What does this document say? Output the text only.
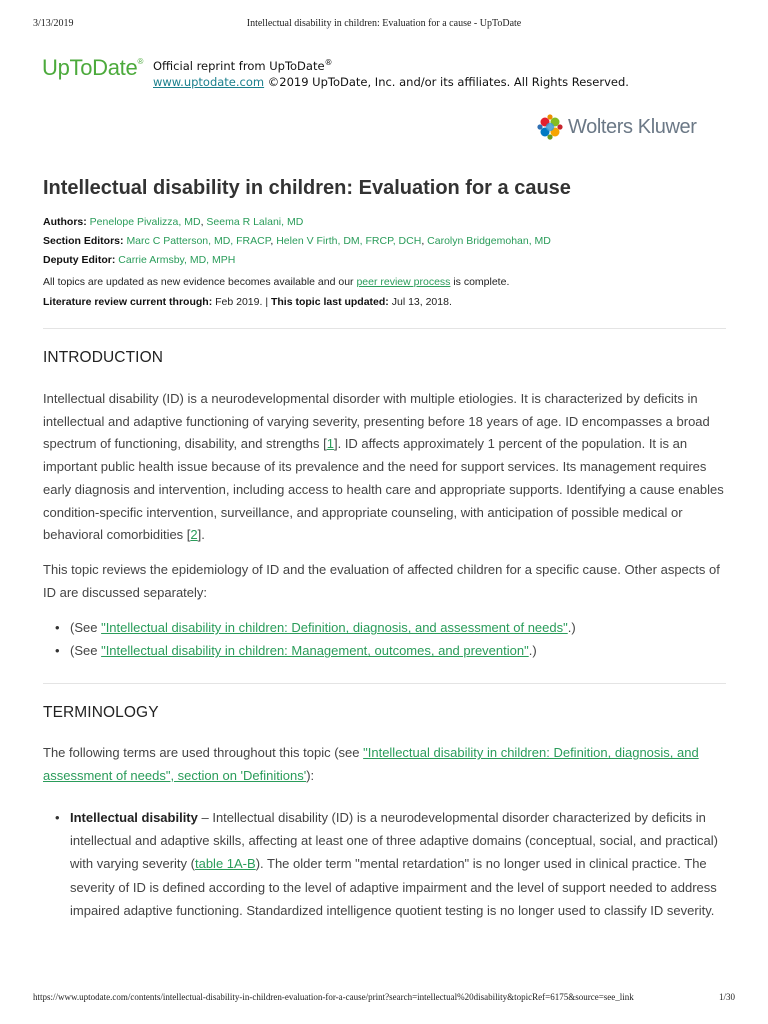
3/13/2019	Intellectual disability in children: Evaluation for a cause - UpToDate
UpToDate® Official reprint from UpToDate®
www.uptodate.com ©2019 UpToDate, Inc. and/or its affiliates. All Rights Reserved.
Wolters Kluwer
Intellectual disability in children: Evaluation for a cause
Authors: Penelope Pivalizza, MD, Seema R Lalani, MD
Section Editors: Marc C Patterson, MD, FRACP, Helen V Firth, DM, FRCP, DCH, Carolyn Bridgemohan, MD
Deputy Editor: Carrie Armsby, MD, MPH
All topics are updated as new evidence becomes available and our peer review process is complete.
Literature review current through: Feb 2019. | This topic last updated: Jul 13, 2018.
INTRODUCTION

Intellectual disability (ID) is a neurodevelopmental disorder with multiple etiologies. It is characterized by deficits in intellectual and adaptive functioning of varying severity, presenting before 18 years of age. ID encompasses a broad spectrum of functioning, disability, and strengths [1]. ID affects approximately 1 percent of the population. It is an important public health issue because of its prevalence and the need for support services. Its management requires early diagnosis and intervention, including access to health care and appropriate supports. Identifying a cause enables condition-specific intervention, surveillance, and appropriate counseling, with anticipation of possible medical or behavioral comorbidities [2].

This topic reviews the epidemiology of ID and the evaluation of affected children for a specific cause. Other aspects of ID are discussed separately:

• (See "Intellectual disability in children: Definition, diagnosis, and assessment of needs".)
• (See "Intellectual disability in children: Management, outcomes, and prevention".)
TERMINOLOGY

The following terms are used throughout this topic (see "Intellectual disability in children: Definition, diagnosis, and assessment of needs", section on 'Definitions'):

• Intellectual disability – Intellectual disability (ID) is a neurodevelopmental disorder characterized by deficits in intellectual and adaptive skills, affecting at least one of three adaptive domains (conceptual, social, and practical) with varying severity (table 1A-B). The older term "mental retardation" is no longer used in clinical practice. The severity of ID is defined according to the level of adaptive impairment and the level of support needed to address impaired adaptive functioning. Standardized intelligence quotient testing is no longer used to classify ID severity.
https://www.uptodate.com/contents/intellectual-disability-in-children-evaluation-for-a-cause/print?search=intellectual%20disability&topicRef=6175&source=see_link	1/30
